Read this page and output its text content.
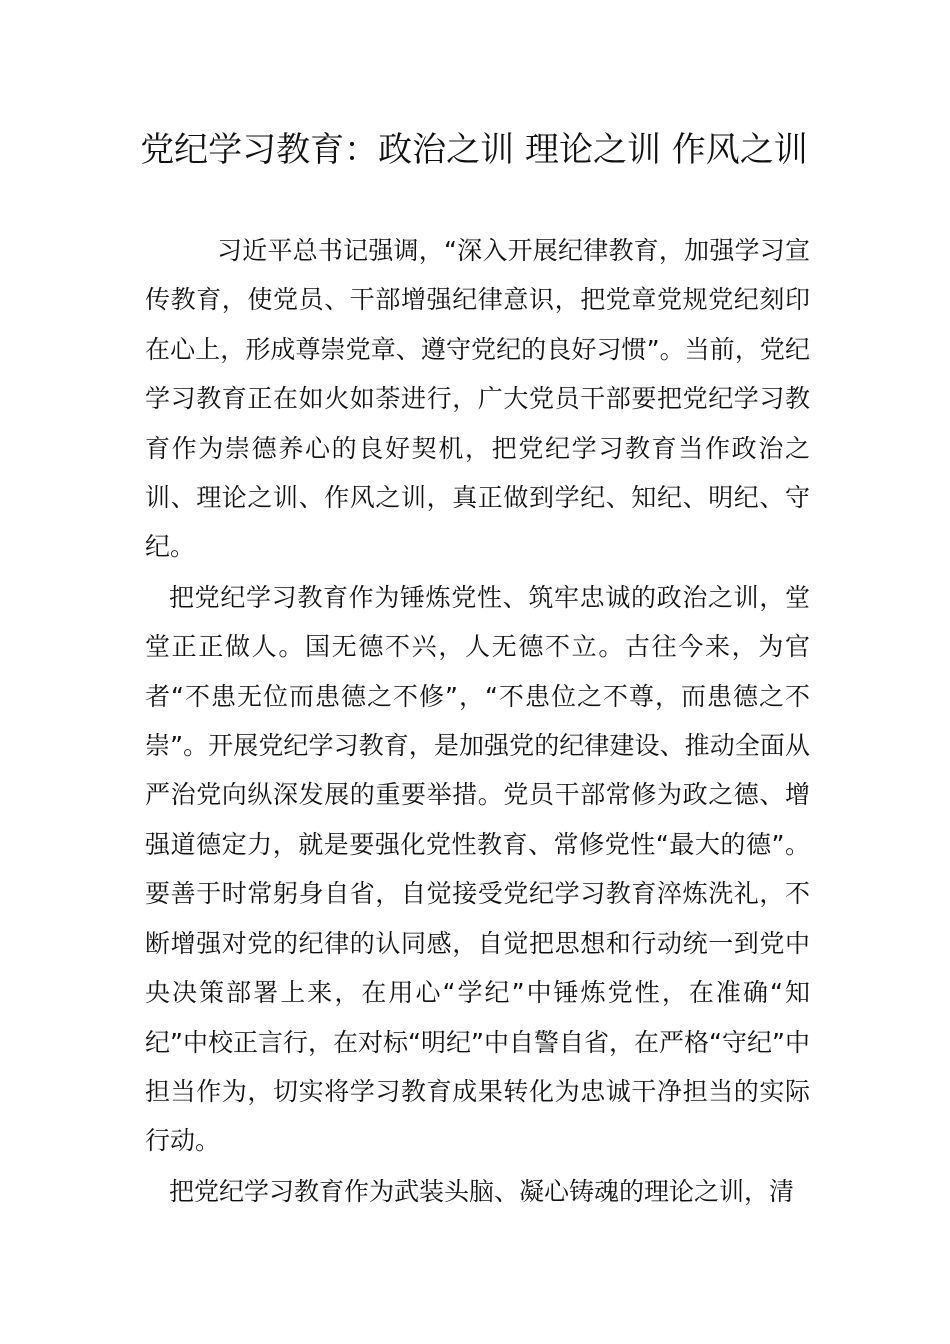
党纪学习教育：政治之训 理论之训 作风之训

习近平总书记强调，“深入开展纪律教育，加强学习宣传教育，使党员、干部增强纪律意识，把党章党规党纪刻印在心上，形成尊崇党章、遵守党纪的良好习惯”。当前，党纪学习教育正在如火如荼进行，广大党员干部要把党纪学习教育作为崇德养心的良好契机，把党纪学习教育当作政治之训、理论之训、作风之训，真正做到学纪、知纪、明纪、守纪。

把党纪学习教育作为锤炼党性、筑牢忠诚的政治之训，堂堂正正做人。国无德不兴，人无德不立。古往今来，为官者“不患无位而患德之不修”，“不患位之不尊，而患德之不崇”。开展党纪学习教育，是加强党的纪律建设、推动全面从严治党向纵深发展的重要举措。党员干部常修为政之德、增强道德定力，就是要强化党性教育、常修党性“最大的德”。要善于时常躬身自省，自觉接受党纪学习教育淬炼洗礼，不断增强对党的纪律的认同感，自觉把思想和行动统一到党中央决策部署上来，在用心“学纪”中锤炼党性，在准确“知纪”中校正言行，在对标“明纪”中自警自省，在严格“守纪”中担当作为，切实将学习教育成果转化为忠诚干净担当的实际行动。

把党纪学习教育作为武装头脑、凝心铸魂的理论之训，清
